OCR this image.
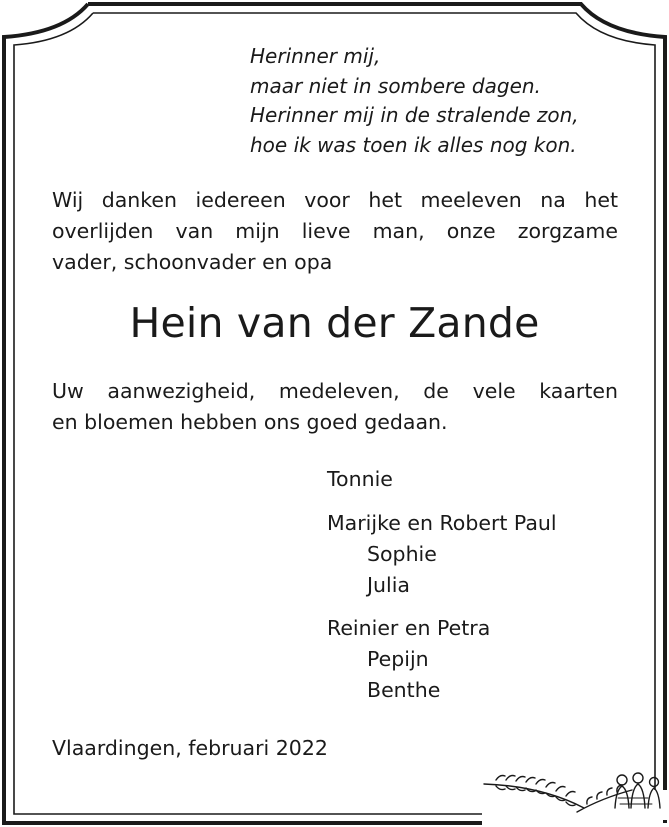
Herinner mij,
maar niet in sombere dagen.
Herinner mij in de stralende zon,
hoe ik was toen ik alles nog kon.
Wij danken iedereen voor het meeleven na het
overlijden van mijn lieve man, onze zorgzame
vader, schoonvader en opa
Hein van der Zande
Uw aanwezigheid, medeleven, de vele kaarten
en bloemen hebben ons goed gedaan.
Tonnie
Marijke en Robert Paul
Sophie
Julia
Reinier en Petra
Pepijn
Benthe
Vlaardingen, februari 2022
